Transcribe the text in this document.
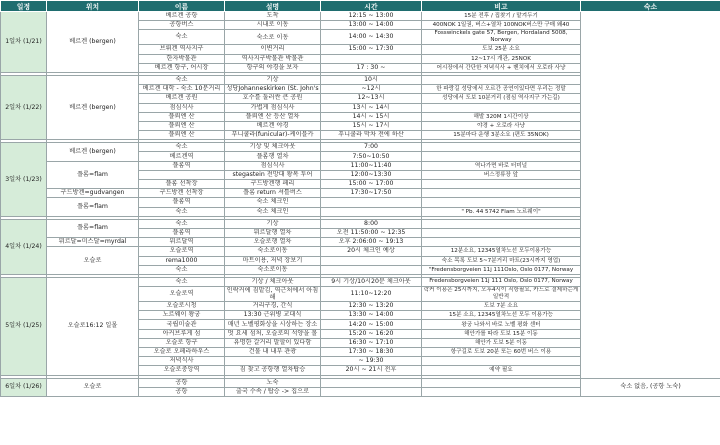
일정	위치	이름	설명	시간	비고	숙소
1일차 (1/21)	베르겐 (bergen)	베르겐 공항	도착	12:15 ~ 13:00	15분 전후 / 집찾기 / 맡겨두기	
		공항버스	시내로 이동	13:00 ~ 14:00	400NOK 1일권, 버스+열차 100NOK버스만 구매 왜40	
		숙소	숙소로 이동	14:00 ~ 14:30	Fosswinckels gate 57, Bergen, Hordaland 5008, Norway	
		브뤼겐 역사지구	이변거리	15:00 ~ 17:30	도보 25분 소요	
		한자박물관	역사지구박물관 박물관		12~17시 개관, 25NOK	
		베르겐 항구, 어시장	항구의 야경을 보자	17 : 30 ~	어시장에서 간단한 저녁식사 + 벤치에서 오로라 사냥	

2일차 (1/22)	베르겐 (bergen)	숙소	기상	10시		
		베르겐 대학 - 숙소 10분거리	성당Johanneskirken (St. John's	~12시	한 파랑길 성당에서 오르간 공연이있다면 우리는 정말	
		베르겐 공원	호수를 둘러싼 큰 공원	12~13시	성당에서 도보 10분거리 (점심 역사지구 가는길)	
		점심식사	가볍게 점심식사	13시 ~ 14시		
		플뢰엔 산	플뢰엔 산 등산 열차	14시 ~ 15시	해발 320M 1시간이상	
		플뢰엔 산	베르겐 야경	15시 ~ 17시	야경 + 오로라 사냥	
		플뢰엔 산	푸니쿨라(funicular)-케이블카	푸니쿨라 막차 전에 하산	15분마다 운행 3분소요 (편도 35NOK)	

3일차 (1/23)	베르겐 (bergen)	숙소	기상 및 체크아웃	7:00		
		베르겐역	플롬행 열차	7:50~10:50		
	플롬=flam	플롬역	점심식사	11:00~11:40	역나가면 바로 터미널	
			stegastein 전망대 왕복 투어	12:00~13:30	버스정류장 앞	
		플롬 선착장	구드방겐행 페리	15:00 ~ 17:00		
	구드방겐=gudvangen	구드방겐 선착장	플롬 return 셔틀버스	17:30~17:50		
	플롬=flam	플롬역	숙소 체크인			
		숙소	숙소 체크인		" Pb. 44 5742 Flam 노르웨이"	

4일차 (1/24)	플롬=flam	숙소	기상	8:00		
		플롬역	뮈르달행 열차	오전 11:50:00 ~ 12:35		
	뮈르달=미스달=myrdal	뮈르달역	오슬로행 열차	오후 2:06:00 ~ 19:13		
	오슬로	오슬로역	숙소로이동	20시 체크인 예상	12분소요, 12345열차노선 모두이용가능	
		rema1000	마트이용, 저녁 장보기		숙소 목록 도보 5~7분거리 마트(23시까지 영업)	
		숙소	숙소로이동		"Fredensborgveien 11j 111Oslo, Oslo 0177, Norway	

5일차 (1/25)	오슬로16:12 일몰	숙소	기상 / 체크아웃	9시 기상/10시20분 체크아웃	Fredensborgveien 11j 111 Oslo, Oslo 0177, Norway	
		오슬로역	인락커에 짐맡김, 역근처에서 아침 해	11:10~12:20	락커 이용은 25시까지, 오후4시이 직항필요, 카드로 결제하는게 일반적	
		오슬로시청	거리구경, 간식	12:30 ~ 13:20	도보 7분 소요	
		노르웨이 왕궁	13:30 근위병 교대식	13:30 ~ 14:00	15분 소요, 12345열차노선 모두 이용가능	
		국립미술관	매년 노벨평화상을 시상하는 장소	14:20 ~ 15:00	왕궁 나와서 바로 노벨 평화 센터	
		아커브루게 섬	멋 요세 섬처, 오슬로의 석양을 볼	15:20 ~ 16:20	해안가를 따라 도보 15분 이동	
		오슬로 항구	유명한 갈거리 말할이 있다함	16:30 ~ 17:10	해안가 도보 5분 이동	
		오슬로 오페라하우스	건물 내 내부 관광	17:30 ~ 18:30	항구길로 도보 20분 또는 60번 버스 이용	
		저녁식사		~ 19:30		
		오슬로중앙역	짐 찾고 공항행 열차탑승	20시 ~ 21시 전후	예약 필요	

6일차 (1/26)	오슬로	공항	노숙			숙소 없음, (공항 노숙)
		공항	출국 수속 / 탑승 -> 집으로			
